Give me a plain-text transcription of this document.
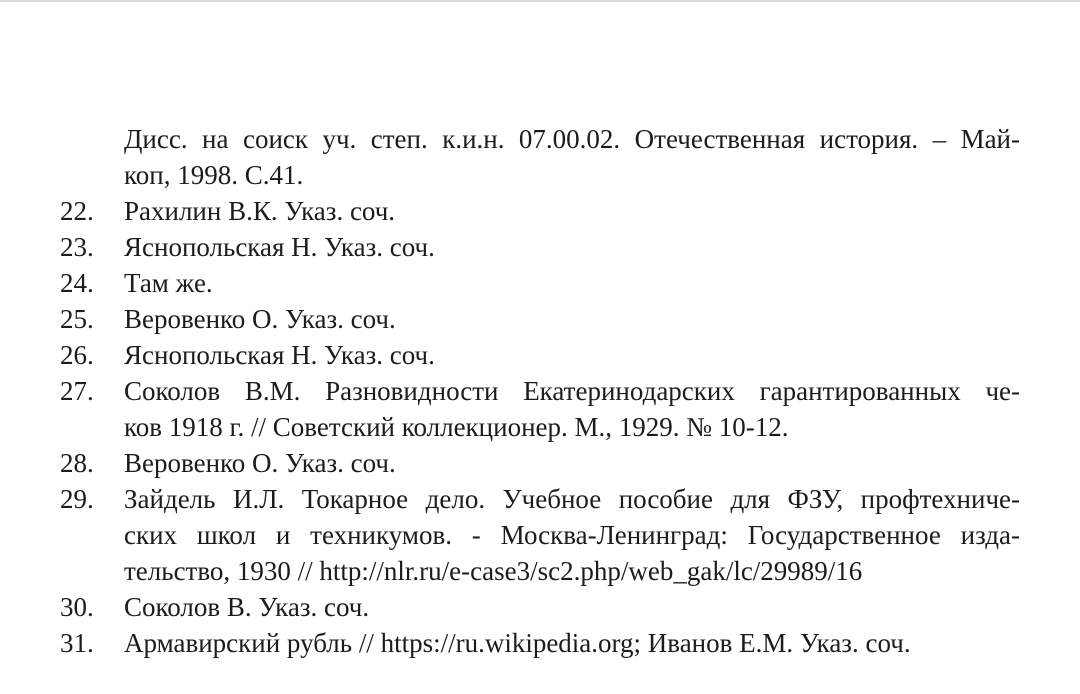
Дисс. на соиск уч. степ. к.и.н. 07.00.02. Отечественная история. – Май-
коп, 1998. С.41.
22.	Рахилин В.К. Указ. соч.
23.	Яснопольская Н. Указ. соч.
24.	Там же.
25.	Веровенко О. Указ. соч.
26.	Яснопольская Н. Указ. соч.
27.	Соколов В.М. Разновидности Екатеринодарских гарантированных че-
ков 1918 г. // Советский коллекционер. М., 1929. № 10-12.
28.	Веровенко О. Указ. соч.
29.	Зайдель И.Л. Токарное дело. Учебное пособие для ФЗУ, профтехниче-
ских школ и техникумов. - Москва-Ленинград: Государственное изда-
тельство, 1930 // http://nlr.ru/e-case3/sc2.php/web_gak/lc/29989/16
30.	Соколов В. Указ. соч.
31.	Армавирский рубль // https://ru.wikipedia.org; Иванов Е.М. Указ. соч.
